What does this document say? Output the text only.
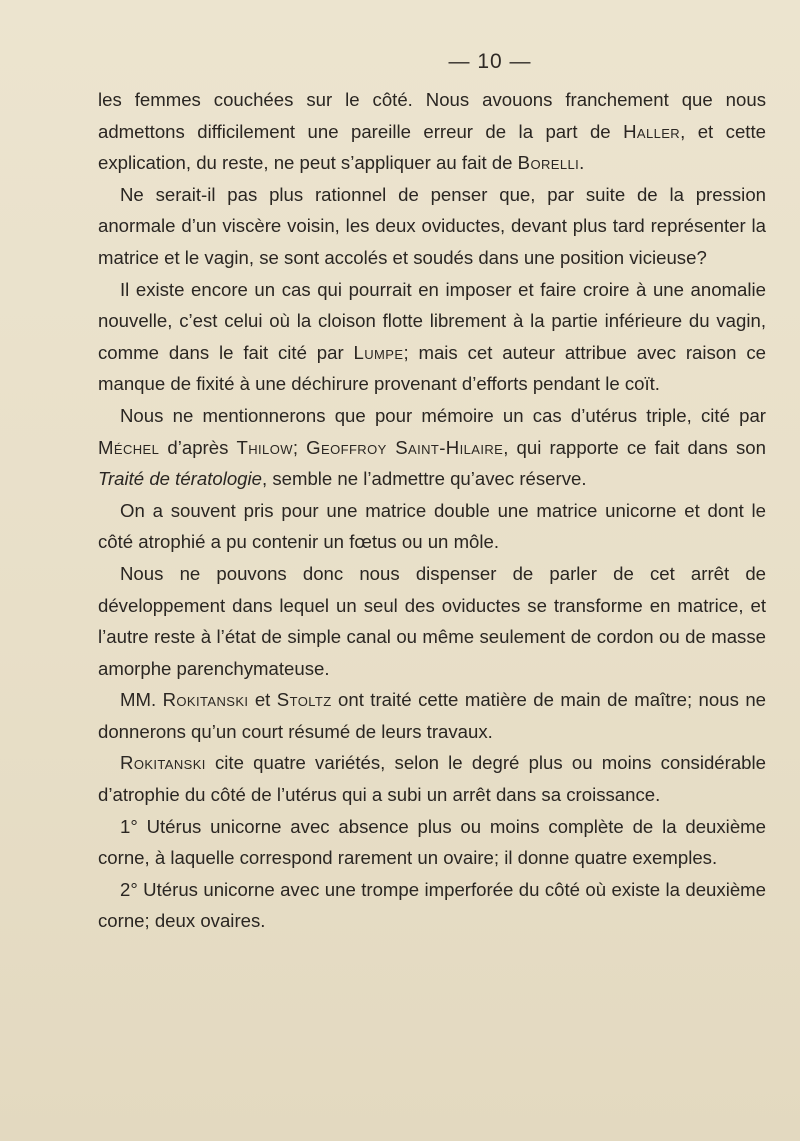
— 10 —

les femmes couchées sur le côté. Nous avouons franchement que nous admettons difficilement une pareille erreur de la part de Haller, et cette explication, du reste, ne peut s’appliquer au fait de Borelli.

Ne serait-il pas plus rationnel de penser que, par suite de la pression anormale d’un viscère voisin, les deux oviductes, devant plus tard représenter la matrice et le vagin, se sont accolés et soudés dans une position vicieuse?

Il existe encore un cas qui pourrait en imposer et faire croire à une anomalie nouvelle, c’est celui où la cloison flotte librement à la partie inférieure du vagin, comme dans le fait cité par Lumpe; mais cet auteur attribue avec raison ce manque de fixité à une déchirure provenant d’efforts pendant le coït.

Nous ne mentionnerons que pour mémoire un cas d’utérus triple, cité par Méchel d’après Thilow; Geoffroy Saint-Hilaire, qui rapporte ce fait dans son Traité de tératologie, semble ne l’admettre qu’avec réserve.

On a souvent pris pour une matrice double une matrice unicorne et dont le côté atrophié a pu contenir un fœtus ou un môle.

Nous ne pouvons donc nous dispenser de parler de cet arrêt de développement dans lequel un seul des oviductes se transforme en matrice, et l’autre reste à l’état de simple canal ou même seulement de cordon ou de masse amorphe parenchymateuse.

MM. Rokitanski et Stoltz ont traité cette matière de main de maître; nous ne donnerons qu’un court résumé de leurs travaux.

Rokitanski cite quatre variétés, selon le degré plus ou moins considérable d’atrophie du côté de l’utérus qui a subi un arrêt dans sa croissance.

1° Utérus unicorne avec absence plus ou moins complète de la deuxième corne, à laquelle correspond rarement un ovaire; il donne quatre exemples.

2° Utérus unicorne avec une trompe imperforée du côté où existe la deuxième corne; deux ovaires.
